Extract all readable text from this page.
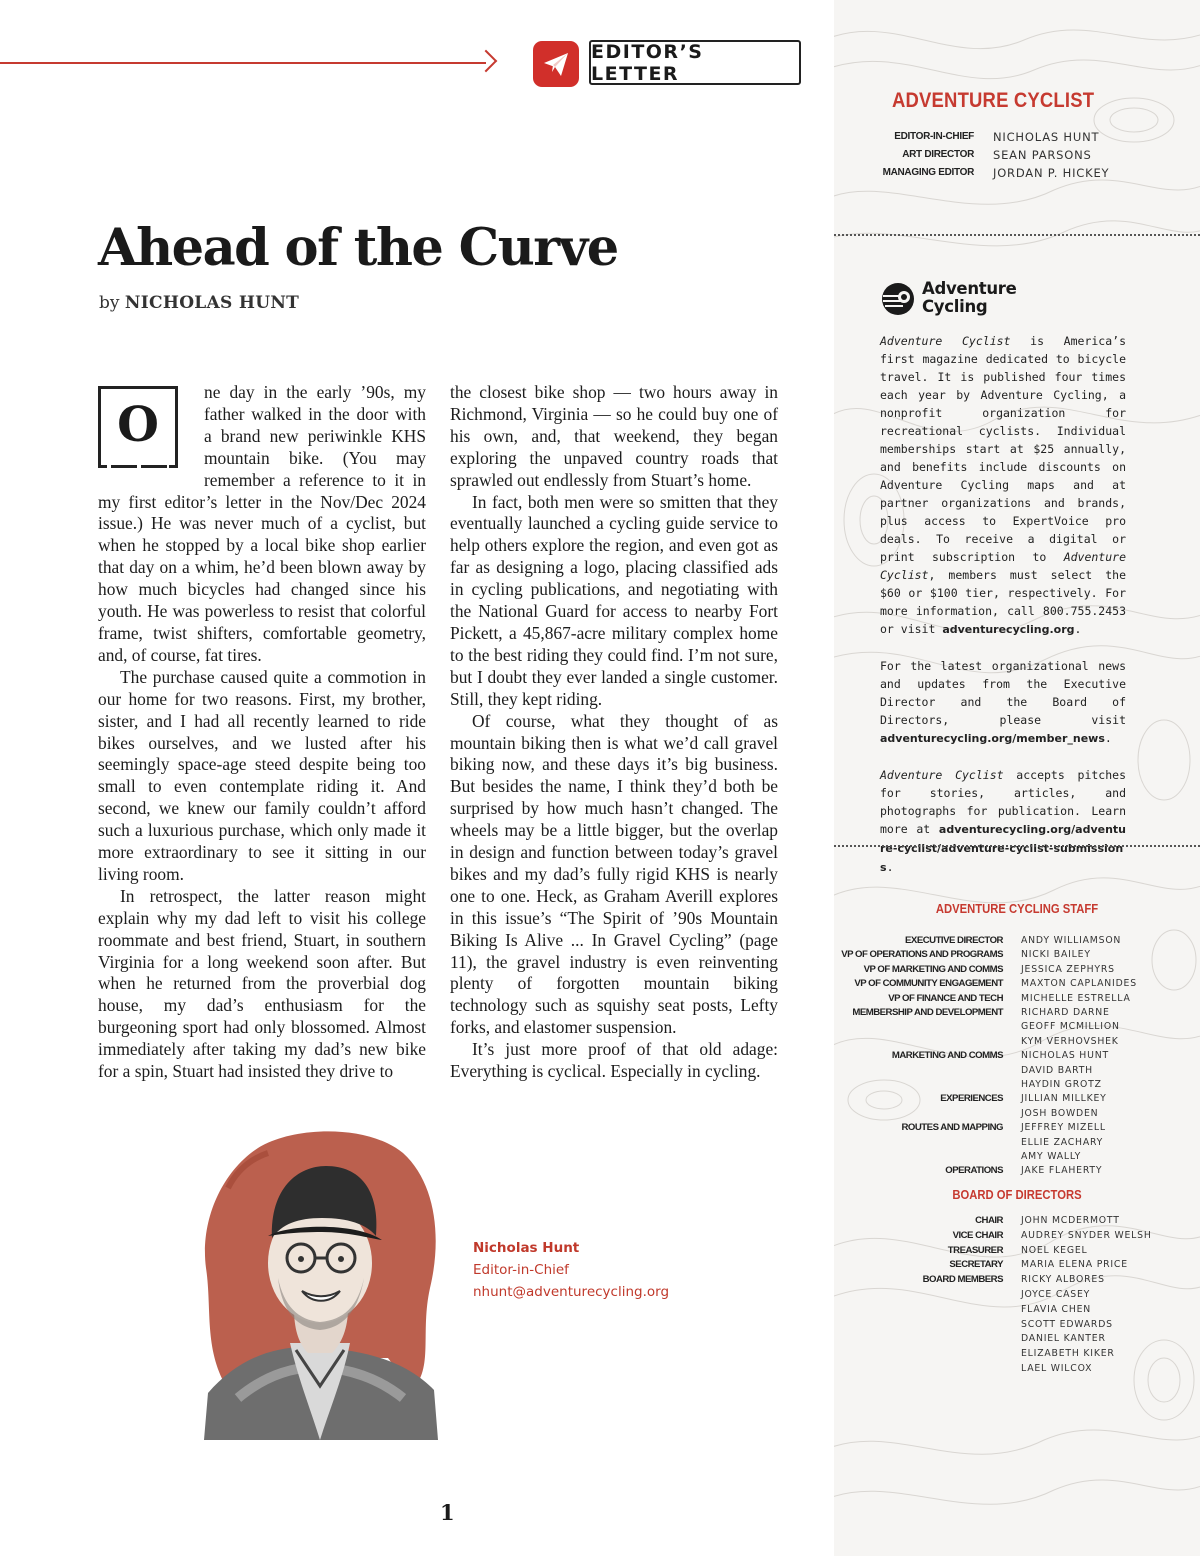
EDITOR’S LETTER
Ahead of the Curve
by NICHOLAS HUNT

O
ne day in the early ’90s, my father walked in the door with a brand new periwinkle KHS mountain bike. (You may remember a reference to it in my first editor’s letter in the Nov/Dec 2024 issue.) He was never much of a cyclist, but when he stopped by a local bike shop earlier that day on a whim, he’d been blown away by how much bicycles had changed since his youth. He was powerless to resist that colorful frame, twist shifters, comfortable geometry, and, of course, fat tires.

The purchase caused quite a commotion in our home for two reasons. First, my brother, sister, and I had all recently learned to ride bikes ourselves, and we lusted after his seemingly space-age steed despite being too small to even contemplate riding it. And second, we knew our family couldn’t afford such a luxurious purchase, which only made it more extraordinary to see it sitting in our living room.

In retrospect, the latter reason might explain why my dad left to visit his college roommate and best friend, Stuart, in southern Virginia for a long weekend soon after. But when he returned from the proverbial dog house, my dad’s enthusiasm for the burgeoning sport had only blossomed. Almost immediately after taking my dad’s new bike for a spin, Stuart had insisted they drive to

the closest bike shop — two hours away in Richmond, Virginia — so he could buy one of his own, and, that weekend, they began exploring the unpaved country roads that sprawled out endlessly from Stuart’s home.

In fact, both men were so smitten that they eventually launched a cycling guide service to help others explore the region, and even got as far as designing a logo, placing classified ads in cycling publications, and negotiating with the National Guard for access to nearby Fort Pickett, a 45,867-acre military complex home to the best riding they could find. I’m not sure, but I doubt they ever landed a single customer. Still, they kept riding.

Of course, what they thought of as mountain biking then is what we’d call gravel biking now, and these days it’s big business. But besides the name, I think they’d both be surprised by how much hasn’t changed. The wheels may be a little bigger, but the overlap in design and function between today’s gravel bikes and my dad’s fully rigid KHS is nearly one to one. Heck, as Graham Averill explores in this issue’s “The Spirit of ’90s Mountain Biking Is Alive ... In Gravel Cycling” (page 11), the gravel industry is even reinventing plenty of forgotten mountain biking technology such as squishy seat posts, Lefty forks, and elastomer suspension.

It’s just more proof of that old adage: Everything is cyclical. Especially in cycling.

Nicholas Hunt
Editor-in-Chief
nhunt@adventurecycling.org
1
ADVENTURE CYCLIST
EDITOR-IN-CHIEF NICHOLAS HUNT
ART DIRECTOR SEAN PARSONS
MANAGING EDITOR JORDAN P. HICKEY
Adventure
Cycling

Adventure Cyclist is America’s first magazine dedicated to bicycle travel. It is published four times each year by Adventure Cycling, a nonprofit organization for recreational cyclists. Individual memberships start at $25 annually, and benefits include discounts on Adventure Cycling maps and at partner organizations and brands, plus access to ExpertVoice pro deals. To receive a digital or print subscription to Adventure Cyclist, members must select the $60 or $100 tier, respectively. For more information, call 800.755.2453 or visit adventurecycling.org.

For the latest organizational news and updates from the Executive Director and the Board of Directors, please visit adventurecycling.org/member_news.

Adventure Cyclist accepts pitches for stories, articles, and photographs for publication. Learn more at adventurecycling.org/adventure-cyclist/adventure-cyclist-submissions.

ADVENTURE CYCLING STAFF
EXECUTIVE DIRECTOR ANDY WILLIAMSON
VP OF OPERATIONS AND PROGRAMS NICKI BAILEY
VP OF MARKETING AND COMMS JESSICA ZEPHYRS
VP OF COMMUNITY ENGAGEMENT MAXTON CAPLANIDES
VP OF FINANCE AND TECH MICHELLE ESTRELLA
MEMBERSHIP AND DEVELOPMENT RICHARD DARNE
GEOFF MCMILLION
KYM VERHOVSHEK
MARKETING AND COMMS NICHOLAS HUNT
DAVID BARTH
HAYDIN GROTZ
EXPERIENCES JILLIAN MILLKEY
JOSH BOWDEN
ROUTES AND MAPPING JEFFREY MIZELL
ELLIE ZACHARY
AMY WALLY
OPERATIONS JAKE FLAHERTY
BOARD OF DIRECTORS
CHAIR JOHN MCDERMOTT
VICE CHAIR AUDREY SNYDER WELSH
TREASURER NOEL KEGEL
SECRETARY MARIA ELENA PRICE
BOARD MEMBERS RICKY ALBORES
JOYCE CASEY
FLAVIA CHEN
SCOTT EDWARDS
DANIEL KANTER
ELIZABETH KIKER
LAEL WILCOX
